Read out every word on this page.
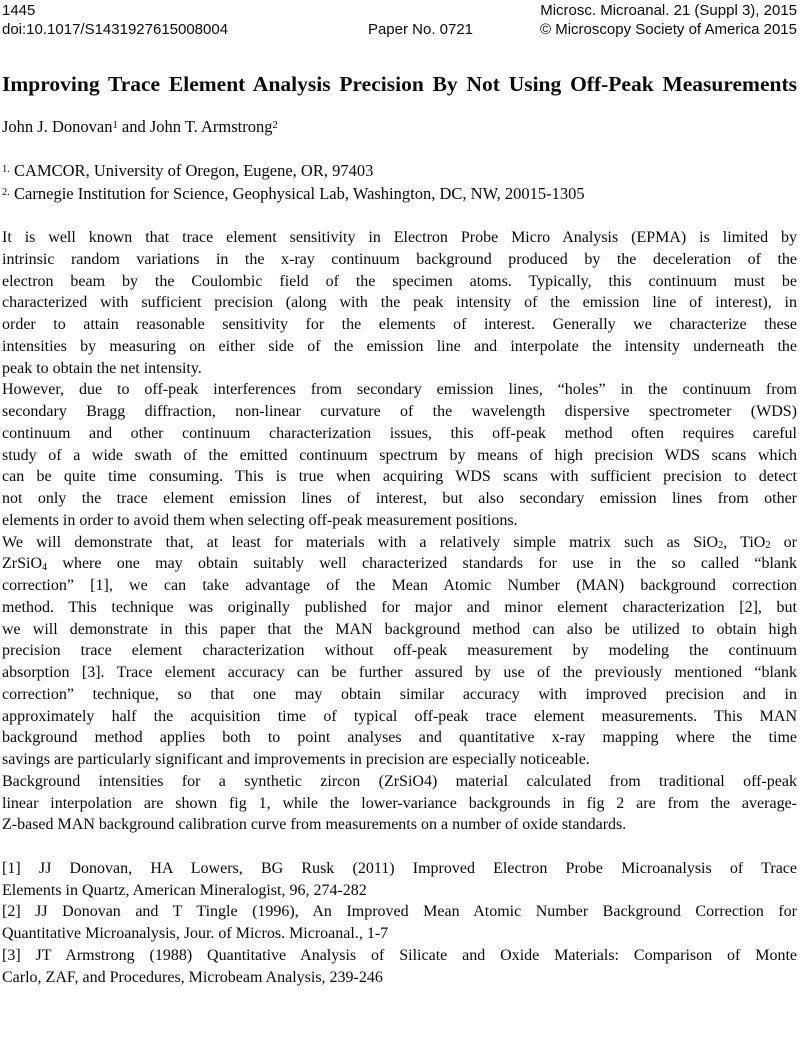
1445	Microsc. Microanal. 21 (Suppl 3), 2015
doi:10.1017/S1431927615008004	Paper No. 0721	© Microscopy Society of America 2015
Improving Trace Element Analysis Precision By Not Using Off-Peak Measurements
John J. Donovan$^1$ and John T. Armstrong$^2$
$^{1.}$ CAMCOR, University of Oregon, Eugene, OR, 97403
$^{2.}$ Carnegie Institution for Science, Geophysical Lab, Washington, DC, NW, 20015-1305
It is well known that trace element sensitivity in Electron Probe Micro Analysis (EPMA) is limited by
intrinsic random variations in the x-ray continuum background produced by the deceleration of the
electron beam by the Coulombic field of the specimen atoms. Typically, this continuum must be
characterized with sufficient precision (along with the peak intensity of the emission line of interest), in
order to attain reasonable sensitivity for the elements of interest. Generally we characterize these
intensities by measuring on either side of the emission line and interpolate the intensity underneath the
peak to obtain the net intensity.
However, due to off-peak interferences from secondary emission lines, “holes” in the continuum from
secondary Bragg diffraction, non-linear curvature of the wavelength dispersive spectrometer (WDS)
continuum and other continuum characterization issues, this off-peak method often requires careful
study of a wide swath of the emitted continuum spectrum by means of high precision WDS scans which
can be quite time consuming. This is true when acquiring WDS scans with sufficient precision to detect
not only the trace element emission lines of interest, but also secondary emission lines from other
elements in order to avoid them when selecting off-peak measurement positions.
We will demonstrate that, at least for materials with a relatively simple matrix such as SiO$_2$, TiO$_2$ or
ZrSiO$_4$ where one may obtain suitably well characterized standards for use in the so called “blank
correction” [1], we can take advantage of the Mean Atomic Number (MAN) background correction
method. This technique was originally published for major and minor element characterization [2], but
we will demonstrate in this paper that the MAN background method can also be utilized to obtain high
precision trace element characterization without off-peak measurement by modeling the continuum
absorption [3]. Trace element accuracy can be further assured by use of the previously mentioned “blank
correction” technique, so that one may obtain similar accuracy with improved precision and in
approximately half the acquisition time of typical off-peak trace element measurements. This MAN
background method applies both to point analyses and quantitative x-ray mapping where the time
savings are particularly significant and improvements in precision are especially noticeable.
Background intensities for a synthetic zircon (ZrSiO4) material calculated from traditional off-peak
linear interpolation are shown fig 1, while the lower-variance backgrounds in fig 2 are from the average-
Z-based MAN background calibration curve from measurements on a number of oxide standards.
[1] JJ Donovan, HA Lowers, BG Rusk (2011) Improved Electron Probe Microanalysis of Trace
Elements in Quartz, American Mineralogist, 96, 274-282
[2] JJ Donovan and T Tingle (1996), An Improved Mean Atomic Number Background Correction for
Quantitative Microanalysis, Jour. of Micros. Microanal., 1-7
[3] JT Armstrong (1988) Quantitative Analysis of Silicate and Oxide Materials: Comparison of Monte
Carlo, ZAF, and Procedures, Microbeam Analysis, 239-246
